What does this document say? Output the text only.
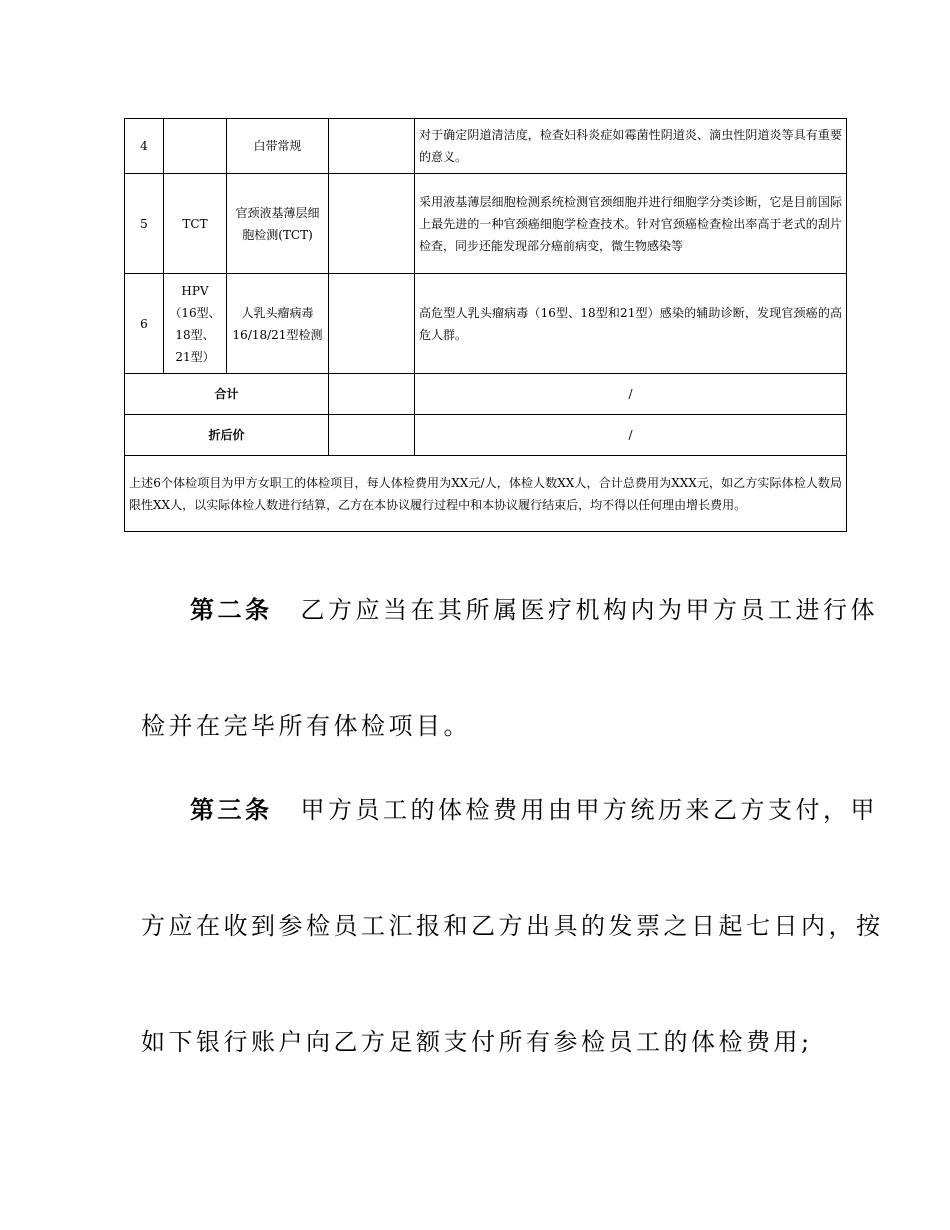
4		白带常规		对于确定阴道清洁度，检查妇科炎症如霉菌性阴道炎、滴虫性阴道炎等具有重要的意义。
5	TCT	官颈液基薄层细胞检测(TCT)		采用液基薄层细胞检测系统检测官颈细胞并进行细胞学分类诊断，它是目前国际上最先进的一种官颈癌细胞学检查技术。针对官颈癌检查检出率高于老式的刮片检查，同步还能发现部分癌前病变，微生物感染等
6	HPV（16型、18型、21型）	人乳头瘤病毒16/18/21型检测		高危型人乳头瘤病毒（16型、18型和21型）感染的辅助诊断，发现官颈癌的高危人群。
合计				/
折后价				/
上述6个体检项目为甲方女职工的体检项目，每人体检费用为XX元/人，体检人数XX人，合计总费用为XXX元，如乙方实际体检人数局限性XX人，以实际体检人数进行结算，乙方在本协议履行过程中和本协议履行结束后，均不得以任何理由增长费用。				

第二条 乙方应当在其所属医疗机构内为甲方员工进行体

检并在完毕所有体检项目。

第三条 甲方员工的体检费用由甲方统历来乙方支付，甲

方应在收到参检员工汇报和乙方出具的发票之日起七日内，按

如下银行账户向乙方足额支付所有参检员工的体检费用;
